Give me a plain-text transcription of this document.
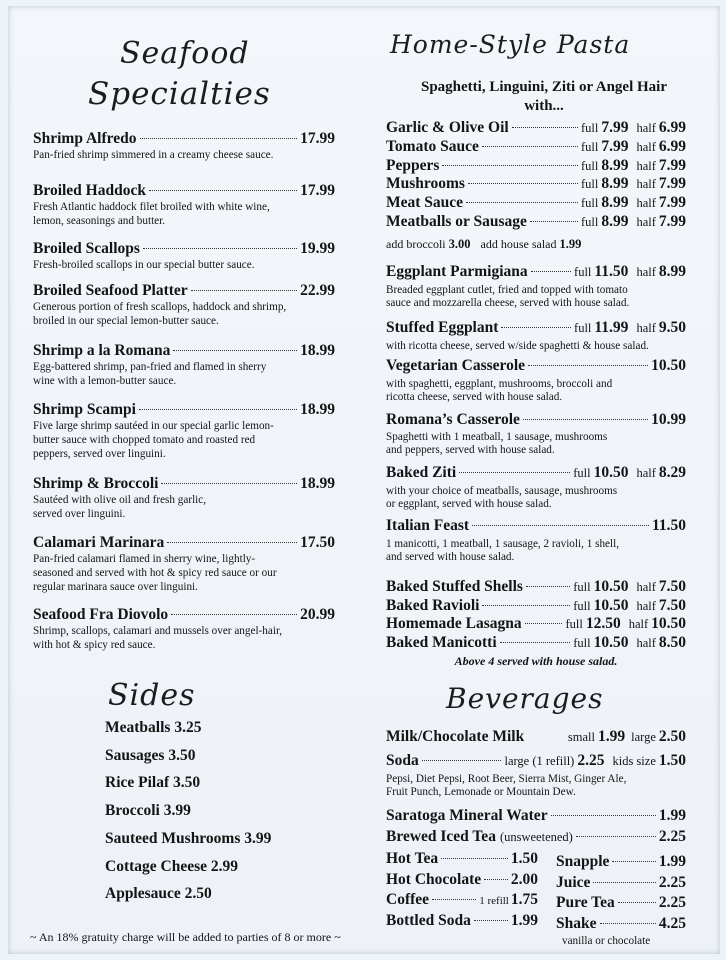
Seafood
Specialties
Shrimp Alfredo	17.99
Pan-fried shrimp simmered in a creamy cheese sauce.
Broiled Haddock	17.99
Fresh Atlantic haddock filet broiled with white wine,
lemon, seasonings and butter.
Broiled Scallops	19.99
Fresh-broiled scallops in our special butter sauce.
Broiled Seafood Platter	22.99
Generous portion of fresh scallops, haddock and shrimp,
broiled in our special lemon-butter sauce.
Shrimp a la Romana	18.99
Egg-battered shrimp, pan-fried and flamed in sherry
wine with a lemon-butter sauce.
Shrimp Scampi	18.99
Five large shrimp sautéed in our special garlic lemon-
butter sauce with chopped tomato and roasted red
peppers, served over linguini.
Shrimp & Broccoli	18.99
Sautéed with olive oil and fresh garlic,
served over linguini.
Calamari Marinara	17.50
Pan-fried calamari flamed in sherry wine, lightly-
seasoned and served with hot & spicy red sauce or our
regular marinara sauce over linguini.
Seafood Fra Diovolo	20.99
Shrimp, scallops, calamari and mussels over angel-hair,
with hot & spicy red sauce.
Sides
Meatballs 3.25
Sausages 3.50
Rice Pilaf 3.50
Broccoli 3.99
Sauteed Mushrooms 3.99
Cottage Cheese 2.99
Applesauce 2.50
~ An 18% gratuity charge will be added to parties of 8 or more ~
Home-Style Pasta
Spaghetti, Linguini, Ziti or Angel Hair
with...
Garlic & Olive Oil	full 7.99 half 6.99
Tomato Sauce	full 7.99 half 6.99
Peppers	full 8.99 half 7.99
Mushrooms	full 8.99 half 7.99
Meat Sauce	full 8.99 half 7.99
Meatballs or Sausage	full 8.99 half 7.99
add broccoli 3.00 add house salad 1.99
Eggplant Parmigiana	full 11.50 half 8.99
Breaded eggplant cutlet, fried and topped with tomato
sauce and mozzarella cheese, served with house salad.
Stuffed Eggplant	full 11.99 half 9.50
with ricotta cheese, served w/side spaghetti & house salad.
Vegetarian Casserole	10.50
with spaghetti, eggplant, mushrooms, broccoli and
ricotta cheese, served with house salad.
Romana’s Casserole	10.99
Spaghetti with 1 meatball, 1 sausage, mushrooms
and peppers, served with house salad.
Baked Ziti	full 10.50 half 8.29
with your choice of meatballs, sausage, mushrooms
or eggplant, served with house salad.
Italian Feast	11.50
1 manicotti, 1 meatball, 1 sausage, 2 ravioli, 1 shell,
and served with house salad.
Baked Stuffed Shells	full 10.50 half 7.50
Baked Ravioli	full 10.50 half 7.50
Homemade Lasagna	full 12.50 half 10.50
Baked Manicotti	full 10.50 half 8.50
Above 4 served with house salad.
Beverages
Milk/Chocolate Milk	small 1.99 large 2.50
Soda	large (1 refill) 2.25 kids size 1.50
Pepsi, Diet Pepsi, Root Beer, Sierra Mist, Ginger Ale,
Fruit Punch, Lemonade or Mountain Dew.
Saratoga Mineral Water	1.99
Brewed Iced Tea (unsweetened)	2.25
Hot Tea	1.50
Hot Chocolate 2.00
Coffee	1 refill 1.75
Bottled Soda	1.99
Snapple	1.99
Juice	2.25
Pure Tea	2.25
Shake	4.25
vanilla or chocolate
